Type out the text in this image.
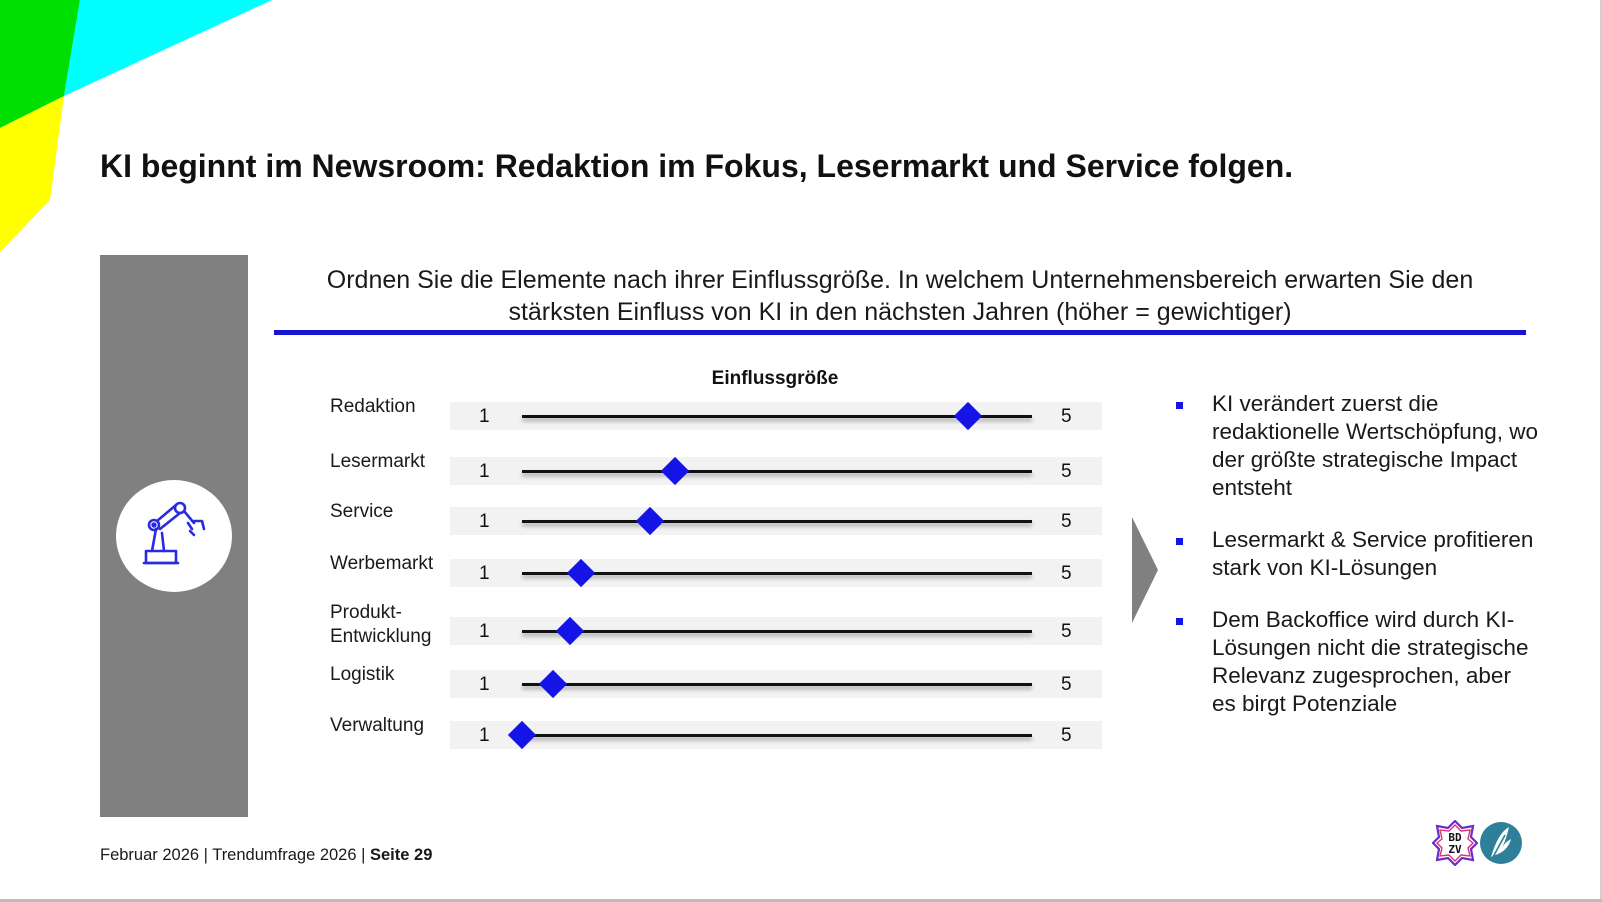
KI beginnt im Newsroom: Redaktion im Fokus, Lesermarkt und Service folgen.
Ordnen Sie die Elemente nach ihrer Einflussgröße. In welchem Unternehmensbereich erwarten Sie den
stärksten Einfluss von KI in den nächsten Jahren (höher = gewichtiger)
Einflussgröße
Redaktion	1	5
Lesermarkt	1	5
Service	1	5
Werbemarkt 1	5
Produkt-
Entwicklung	1	5
Logistik	1	5
Verwaltung	1	5
KI verändert zuerst die redaktionelle Wertschöpfung, wo der größte strategische Impact entsteht
Lesermarkt & Service profitieren stark von KI-Lösungen
Dem Backoffice wird durch KI-Lösungen nicht die strategische Relevanz zugesprochen, aber es birgt Potenziale
Februar 2026 | Trendumfrage 2026 | Seite 29
BD
ZV
